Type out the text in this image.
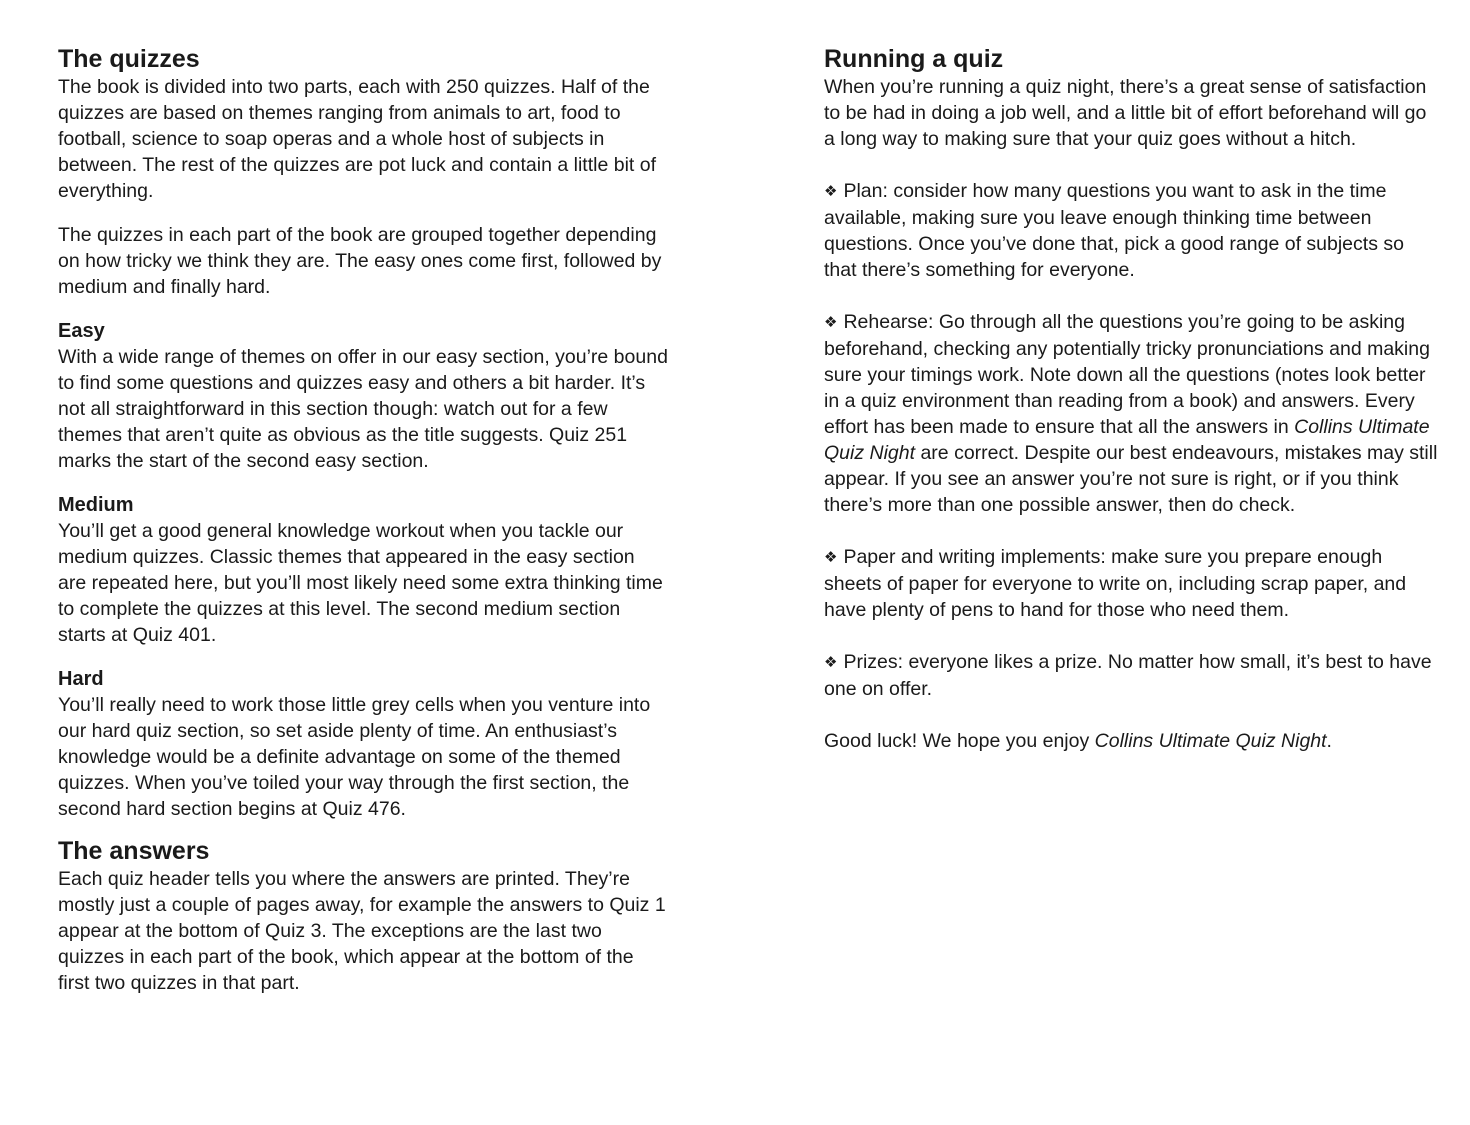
The quizzes

The book is divided into two parts, each with 250 quizzes. Half of the quizzes are based on themes ranging from animals to art, food to football, science to soap operas and a whole host of subjects in between. The rest of the quizzes are pot luck and contain a little bit of everything.

The quizzes in each part of the book are grouped together depending on how tricky we think they are. The easy ones come first, followed by medium and finally hard.

Easy

With a wide range of themes on offer in our easy section, you’re bound to find some questions and quizzes easy and others a bit harder. It’s not all straightforward in this section though: watch out for a few themes that aren’t quite as obvious as the title suggests. Quiz 251 marks the start of the second easy section.

Medium

You’ll get a good general knowledge workout when you tackle our medium quizzes. Classic themes that appeared in the easy section are repeated here, but you’ll most likely need some extra thinking time to complete the quizzes at this level. The second medium section starts at Quiz 401.

Hard

You’ll really need to work those little grey cells when you venture into our hard quiz section, so set aside plenty of time. An enthusiast’s knowledge would be a definite advantage on some of the themed quizzes. When you’ve toiled your way through the first section, the second hard section begins at Quiz 476.

The answers

Each quiz header tells you where the answers are printed. They’re mostly just a couple of pages away, for example the answers to Quiz 1 appear at the bottom of Quiz 3. The exceptions are the last two quizzes in each part of the book, which appear at the bottom of the first two quizzes in that part.

Running a quiz

When you’re running a quiz night, there’s a great sense of satisfaction to be had in doing a job well, and a little bit of effort beforehand will go a long way to making sure that your quiz goes without a hitch.

❖ Plan: consider how many questions you want to ask in the time available, making sure you leave enough thinking time between questions. Once you’ve done that, pick a good range of subjects so that there’s something for everyone.

❖ Rehearse: Go through all the questions you’re going to be asking beforehand, checking any potentially tricky pronunciations and making sure your timings work. Note down all the questions (notes look better in a quiz environment than reading from a book) and answers. Every effort has been made to ensure that all the answers in Collins Ultimate Quiz Night are correct. Despite our best endeavours, mistakes may still appear. If you see an answer you’re not sure is right, or if you think there’s more than one possible answer, then do check.

❖ Paper and writing implements: make sure you prepare enough sheets of paper for everyone to write on, including scrap paper, and have plenty of pens to hand for those who need them.

❖ Prizes: everyone likes a prize. No matter how small, it’s best to have one on offer.

Good luck! We hope you enjoy Collins Ultimate Quiz Night.
